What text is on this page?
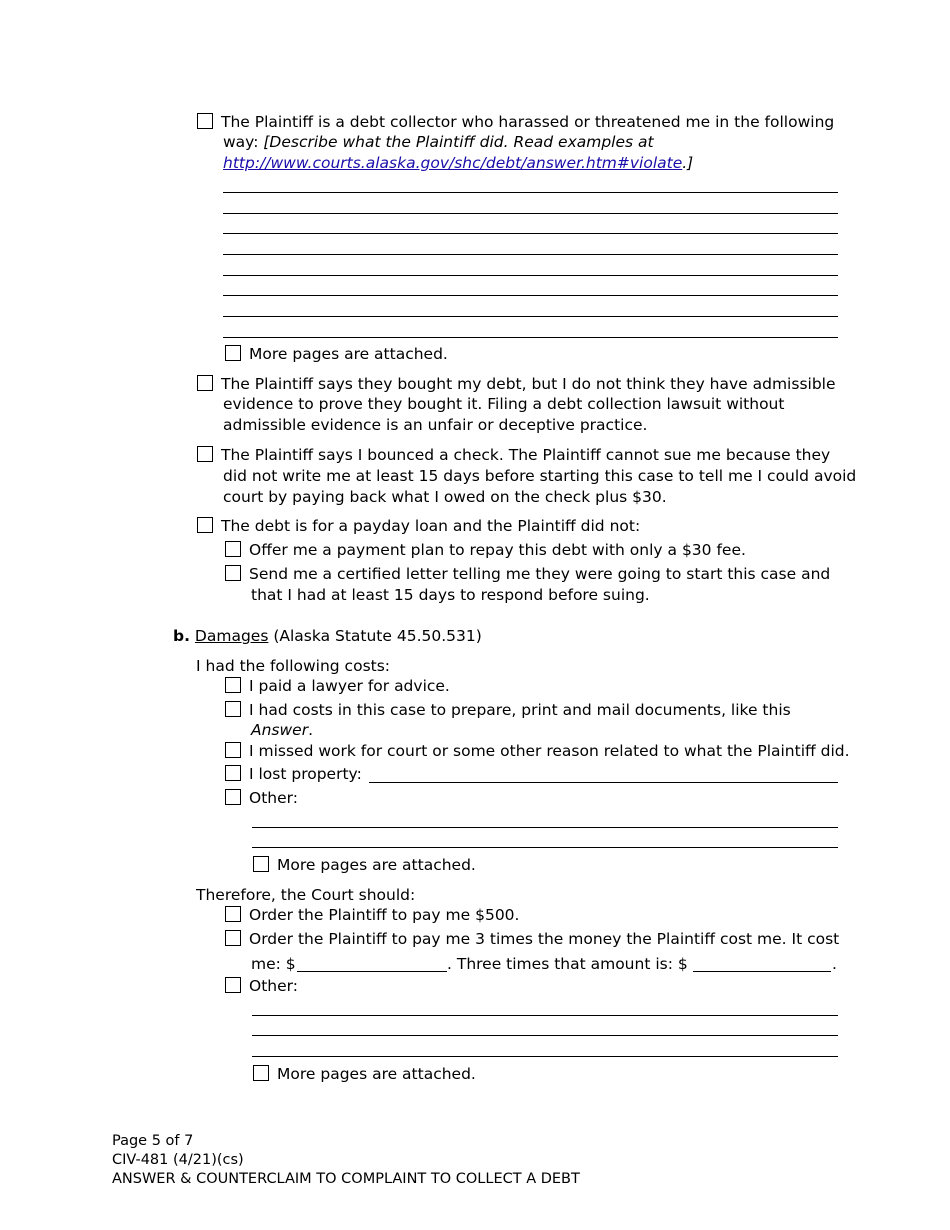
The Plaintiff is a debt collector who harassed or threatened me in the following
way: [Describe what the Plaintiff did. Read examples at
http://www.courts.alaska.gov/shc/debt/answer.htm#violate.]
More pages are attached.
The Plaintiff says they bought my debt, but I do not think they have admissible
evidence to prove they bought it. Filing a debt collection lawsuit without
admissible evidence is an unfair or deceptive practice.
The Plaintiff says I bounced a check. The Plaintiff cannot sue me because they
did not write me at least 15 days before starting this case to tell me I could avoid
court by paying back what I owed on the check plus $30.
The debt is for a payday loan and the Plaintiff did not:
Offer me a payment plan to repay this debt with only a $30 fee.
Send me a certified letter telling me they were going to start this case and
that I had at least 15 days to respond before suing.
b. Damages (Alaska Statute 45.50.531)
I had the following costs:
I paid a lawyer for advice.
I had costs in this case to prepare, print and mail documents, like this
Answer.
I missed work for court or some other reason related to what the Plaintiff did.
I lost property:
Other:
More pages are attached.
Therefore, the Court should:
Order the Plaintiff to pay me $500.
Order the Plaintiff to pay me 3 times the money the Plaintiff cost me. It cost
me: $	. Three times that amount is: $	.
Other:
More pages are attached.
Page 5 of 7
CIV-481 (4/21)(cs)
ANSWER & COUNTERCLAIM TO COMPLAINT TO COLLECT A DEBT
